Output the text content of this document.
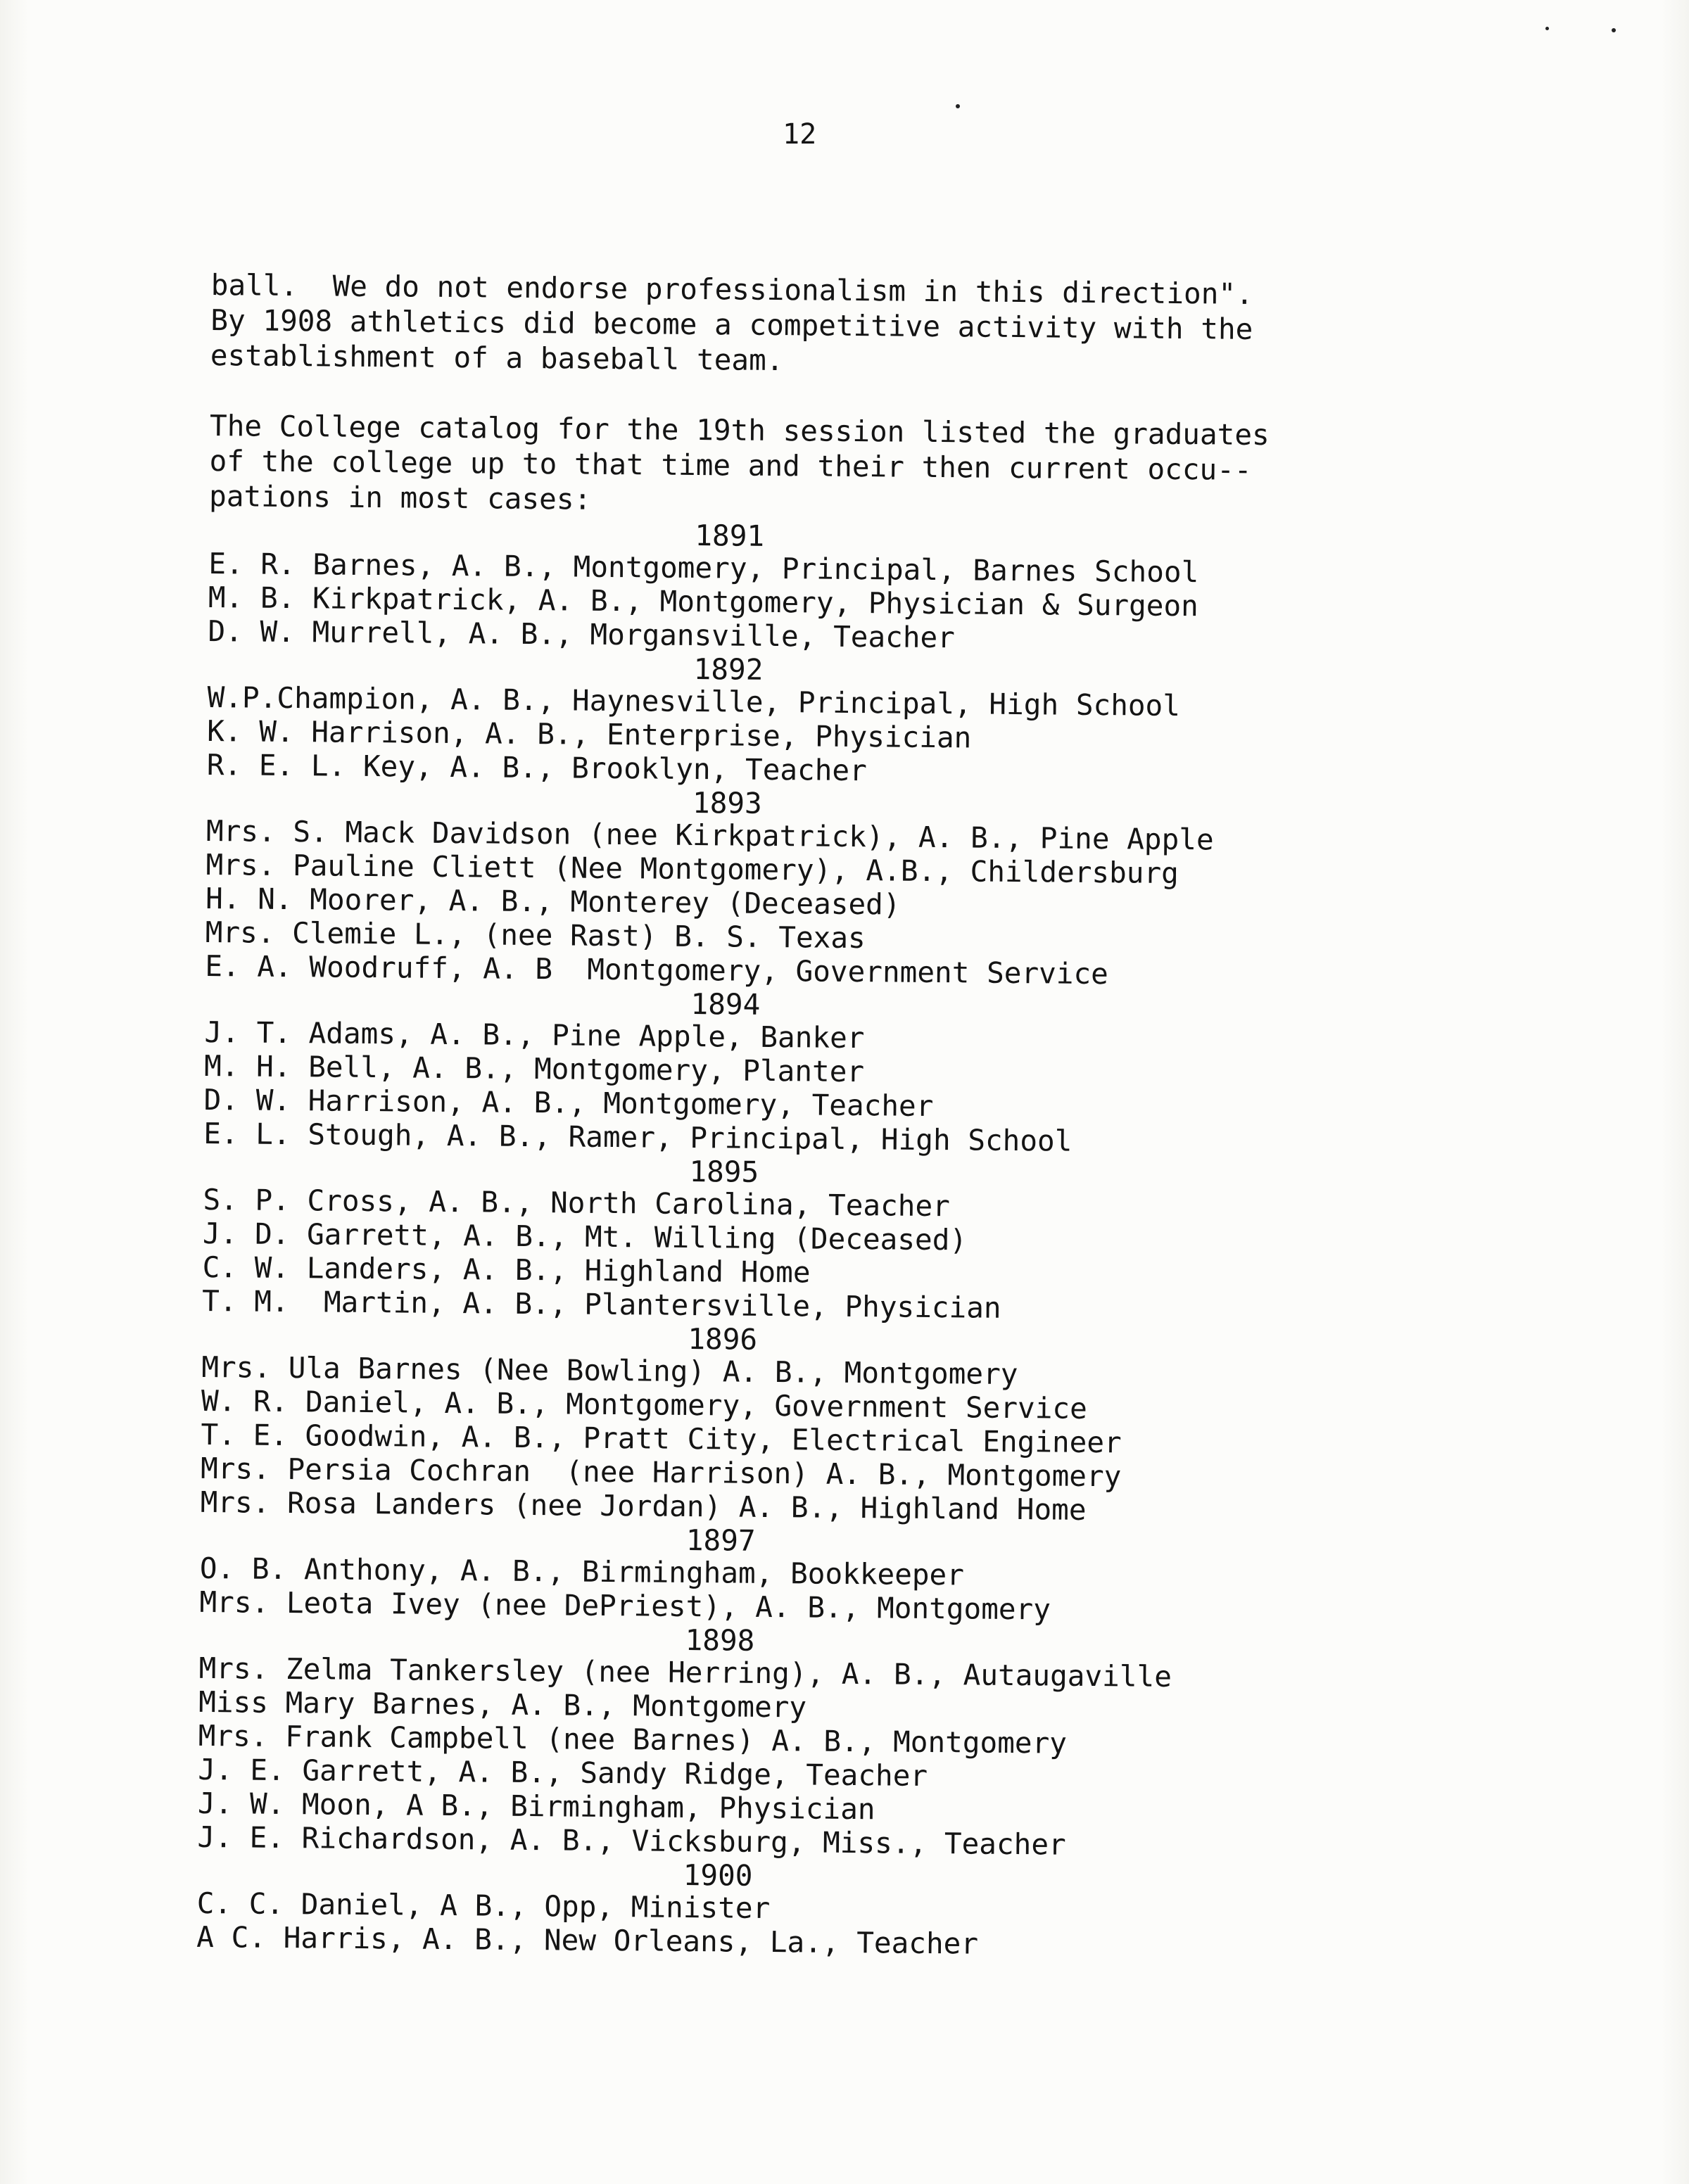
12
ball.  We do not endorse professionalism in this direction".
By 1908 athletics did become a competitive activity with the
establishment of a baseball team.
The College catalog for the 19th session listed the graduates
of the college up to that time and their then current occu--
pations in most cases:
1891
E. R. Barnes, A. B., Montgomery, Principal, Barnes School
M. B. Kirkpatrick, A. B., Montgomery, Physician & Surgeon
D. W. Murrell, A. B., Morgansville, Teacher
1892
W.P.Champion, A. B., Haynesville, Principal, High School
K. W. Harrison, A. B., Enterprise, Physician
R. E. L. Key, A. B., Brooklyn, Teacher
1893
Mrs. S. Mack Davidson (nee Kirkpatrick), A. B., Pine Apple
Mrs. Pauline Cliett (Nee Montgomery), A.B., Childersburg
H. N. Moorer, A. B., Monterey (Deceased)
Mrs. Clemie L., (nee Rast) B. S. Texas
E. A. Woodruff, A. B  Montgomery, Government Service
1894
J. T. Adams, A. B., Pine Apple, Banker
M. H. Bell, A. B., Montgomery, Planter
D. W. Harrison, A. B., Montgomery, Teacher
E. L. Stough, A. B., Ramer, Principal, High School
1895
S. P. Cross, A. B., North Carolina, Teacher
J. D. Garrett, A. B., Mt. Willing (Deceased)
C. W. Landers, A. B., Highland Home
T. M.  Martin, A. B., Plantersville, Physician
1896
Mrs. Ula Barnes (Nee Bowling) A. B., Montgomery
W. R. Daniel, A. B., Montgomery, Government Service
T. E. Goodwin, A. B., Pratt City, Electrical Engineer
Mrs. Persia Cochran  (nee Harrison) A. B., Montgomery
Mrs. Rosa Landers (nee Jordan) A. B., Highland Home
1897
O. B. Anthony, A. B., Birmingham, Bookkeeper
Mrs. Leota Ivey (nee DePriest), A. B., Montgomery
1898
Mrs. Zelma Tankersley (nee Herring), A. B., Autaugaville
Miss Mary Barnes, A. B., Montgomery
Mrs. Frank Campbell (nee Barnes) A. B., Montgomery
J. E. Garrett, A. B., Sandy Ridge, Teacher
J. W. Moon, A B., Birmingham, Physician
J. E. Richardson, A. B., Vicksburg, Miss., Teacher
1900
C. C. Daniel, A B., Opp, Minister
A C. Harris, A. B., New Orleans, La., Teacher
